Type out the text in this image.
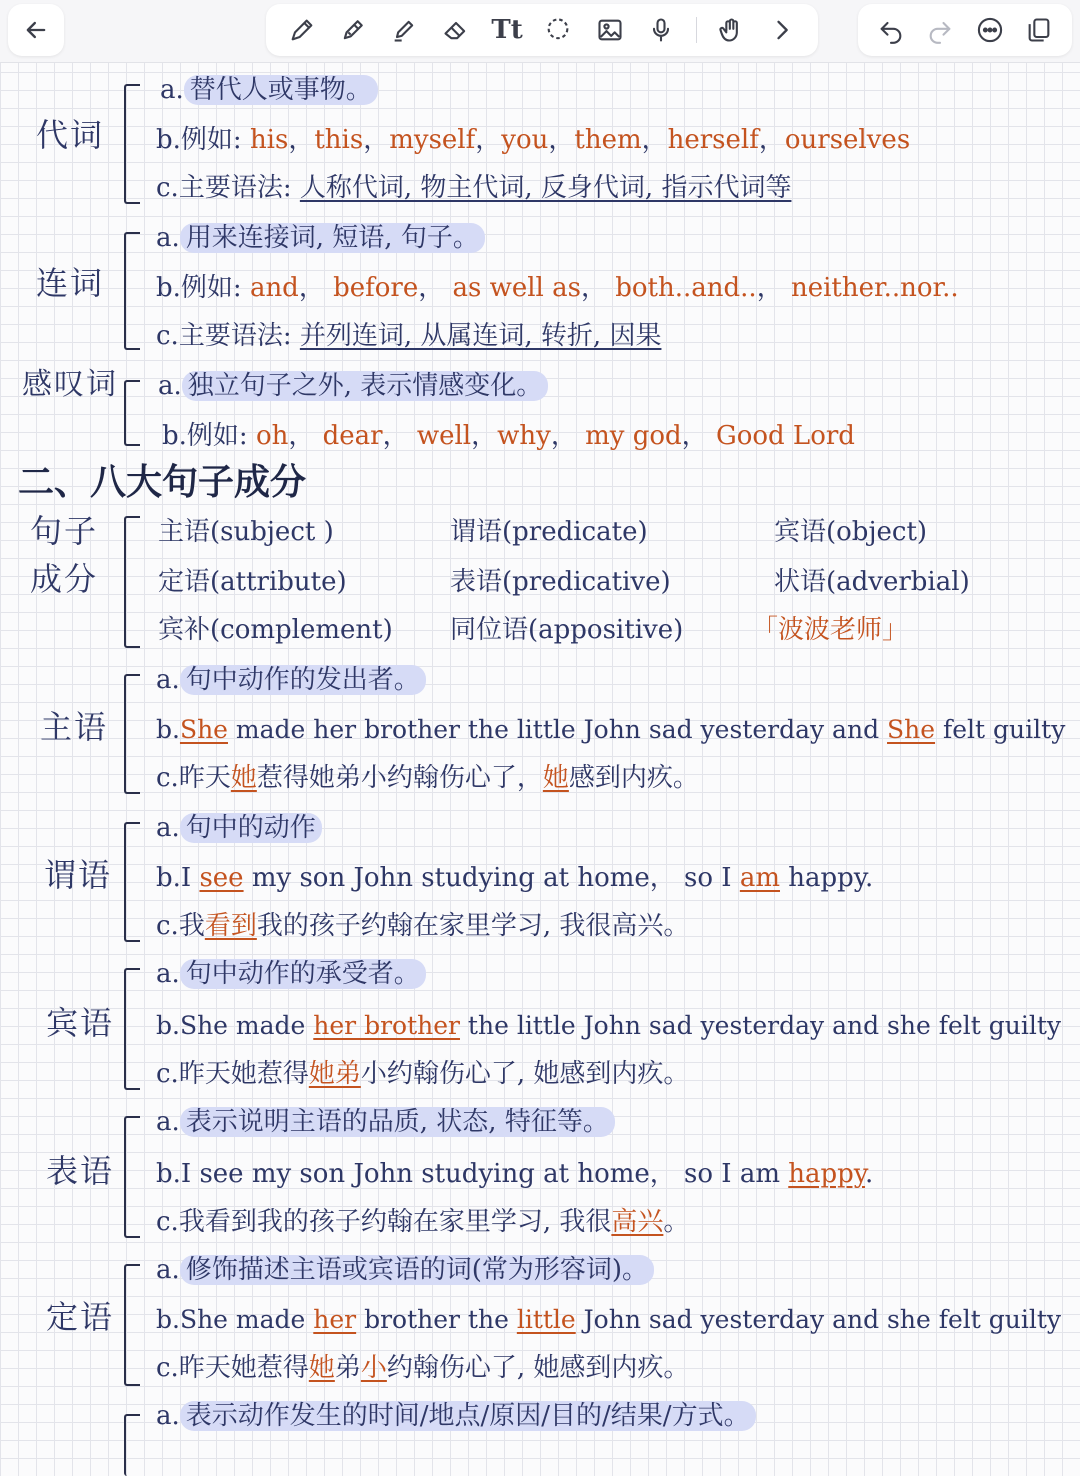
Tt
代词
a. 替代人或事物。
b.例如: his，this，myself，you，them，herself，ourselves
c.主要语法: 人称代词, 物主代词, 反身代词, 指示代词等
连词
a. 用来连接词, 短语, 句子。
b.例如: and， before， as well as， both..and..， neither..nor..
c.主要语法: 并列连词, 从属连词, 转折, 因果
感叹词 a. 独立句子之外, 表示情感变化。
b.例如: oh， dear， well，why， my god， Good Lord
二、八大句子成分
句子
成分
主语(subject )	谓语(predicate)	宾语(object)
定语(attribute)	表语(predicative)	状语(adverbial)
宾补(complement) 同位语(appositive)	「波波老师」
主语
a. 句中动作的发出者。
b.She made her brother the little John sad yesterday and She felt guilty
c.昨天她惹得她弟小约翰伤心了，她感到内疚。
谓语
a. 句中的动作
b.I see my son John studying at home， so I am happy.
c.我看到我的孩子约翰在家里学习, 我很高兴。
宾语
a. 句中动作的承受者。
b.She made her brother the little John sad yesterday and she felt guilty
c.昨天她惹得她弟小约翰伤心了, 她感到内疚。
表语
a. 表示说明主语的品质, 状态, 特征等。
b.I see my son John studying at home， so I am happy.
c.我看到我的孩子约翰在家里学习, 我很高兴。
定语
a. 修饰描述主语或宾语的词(常为形容词)。
b.She made her brother the little John sad yesterday and she felt guilty
c.昨天她惹得她弟小约翰伤心了, 她感到内疚。
a. 表示动作发生的时间/地点/原因/目的/结果/方式。
